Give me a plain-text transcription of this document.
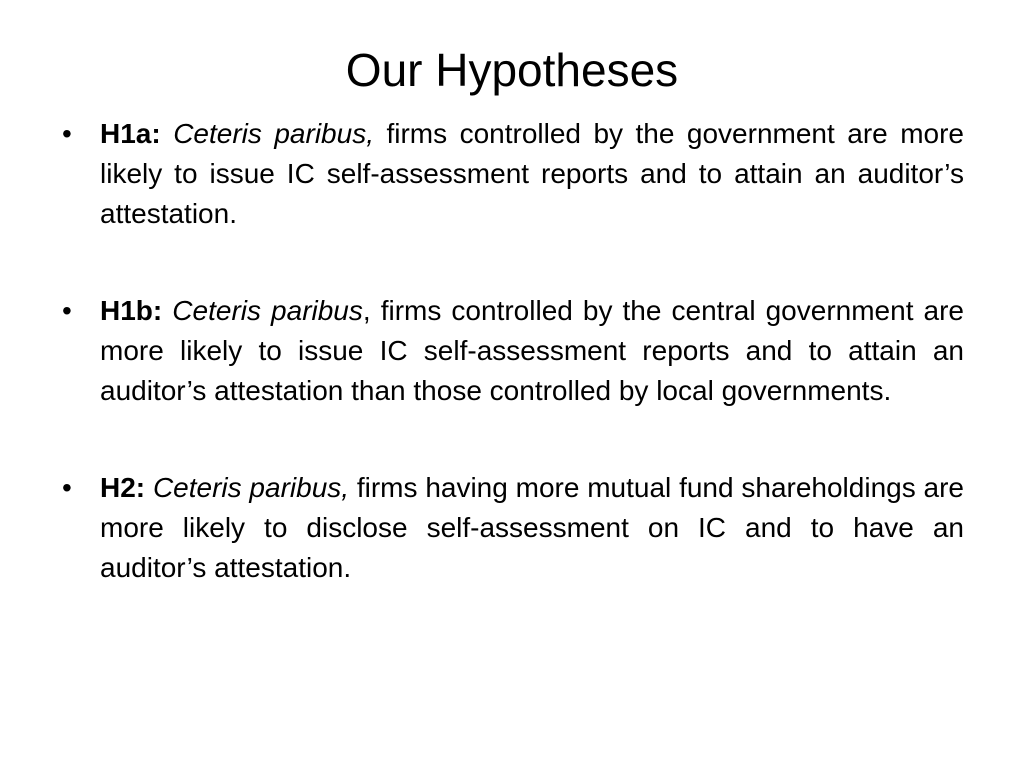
Our Hypotheses
• H1a: Ceteris paribus, firms controlled by the government are more likely to issue IC self-assessment reports and to attain an auditor’s attestation.
• H1b: Ceteris paribus, firms controlled by the central government are more likely to issue IC self-assessment reports and to attain an auditor’s attestation than those controlled by local governments.
• H2: Ceteris paribus, firms having more mutual fund shareholdings are more likely to disclose self-assessment on IC and to have an auditor’s attestation.
